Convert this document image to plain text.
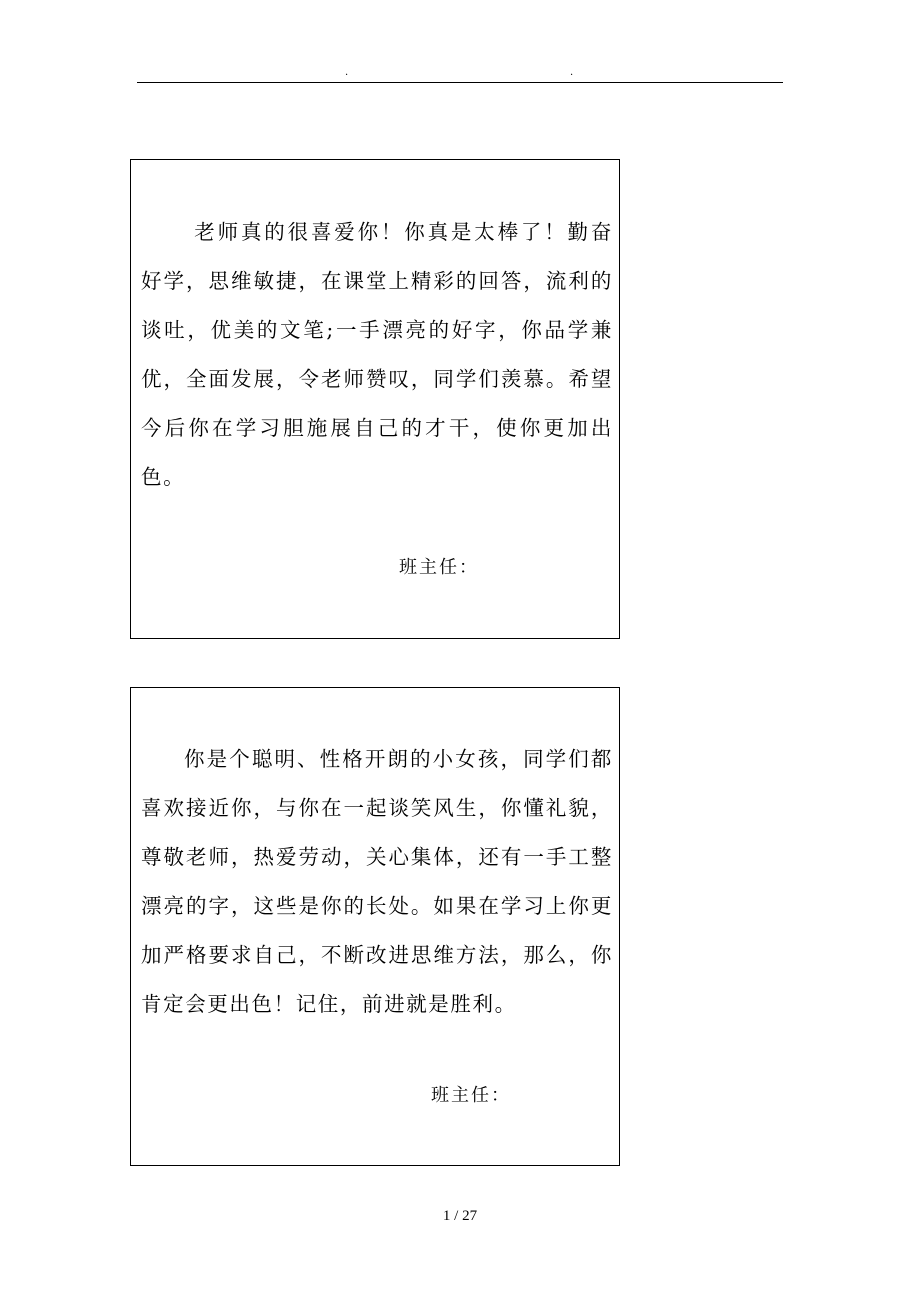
.	.

老师真的很喜爱你！你真是太棒了！勤奋好学，思维敏捷，在课堂上精彩的回答，流利的谈吐，优美的文笔;一手漂亮的好字，你品学兼优，全面发展，令老师赞叹，同学们羡慕。希望今后你在学习胆施展自己的才干，使你更加出色。

班主任：

你是个聪明、性格开朗的小女孩，同学们都喜欢接近你，与你在一起谈笑风生，你懂礼貌，尊敬老师，热爱劳动，关心集体，还有一手工整漂亮的字，这些是你的长处。如果在学习上你更加严格要求自己，不断改进思维方法，那么，你肯定会更出色！记住，前进就是胜利。

班主任：
1 / 27
